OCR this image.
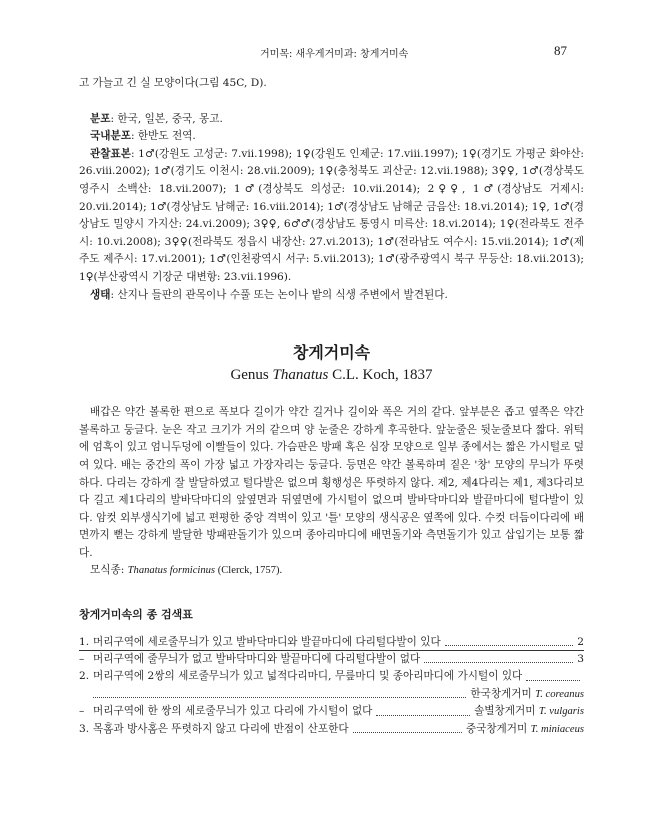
거미목: 새우게거미과: 창게거미속	87

고 가늘고 긴 실 모양이다(그림 45C, D).

분포: 한국, 일본, 중국, 몽고.

국내분포: 한반도 전역.

관찰표본: 1♂(강원도 고성군: 7.vii.1998); 1♀(강원도 인제군: 17.viii.1997); 1♀(경기도 가평군 화야산: 26.viii.2002); 1♂(경기도 이천시: 28.vii.2009); 1♀(충청북도 괴산군: 12.vii.1988); 3♀♀, 1♂(경상북도 영주시 소백산: 18.vii.2007); 1♂(경상북도 의성군: 10.vii.2014); 2♀♀, 1♂(경상남도 거제시: 20.vii.2014); 1♂(경상남도 남해군: 16.viii.2014); 1♂(경상남도 남해군 금음산: 18.vi.2014); 1♀, 1♂(경상남도 밀양시 가지산: 24.vi.2009); 3♀♀, 6♂♂(경상남도 통영시 미륵산: 18.vi.2014); 1♀(전라북도 전주시: 10.vi.2008); 3♀♀(전라북도 정읍시 내장산: 27.vi.2013); 1♂(전라남도 여수시: 15.vii.2014); 1♂(제주도 제주시: 17.vi.2001); 1♂(인천광역시 서구: 5.vii.2013); 1♂(광주광역시 북구 무등산: 18.vii.2013); 1♀(부산광역시 기장군 대변항: 23.vii.1996).

생태: 산지나 들판의 관목이나 수풀 또는 논이나 밭의 식생 주변에서 발견된다.

창게거미속
Genus Thanatus C.L. Koch, 1837

배갑은 약간 볼록한 편으로 폭보다 길이가 약간 길거나 길이와 폭은 거의 같다. 앞부분은 좁고 옆쪽은 약간 볼록하고 둥글다. 눈은 작고 크기가 거의 같으며 양 눈줄은 강하게 후곡한다. 앞눈줄은 뒷눈줄보다 짧다. 위턱에 엄혹이 있고 엄니두덩에 이빨들이 있다. 가슴판은 방패 혹은 심장 모양으로 일부 종에서는 짧은 가시털로 덮여 있다. 배는 중간의 폭이 가장 넓고 가장자리는 둥글다. 등면은 약간 볼록하며 짙은 '창' 모양의 무늬가 뚜렷하다. 다리는 강하게 잘 발달하였고 털다발은 없으며 횡행성은 뚜렷하지 않다. 제2, 제4다리는 제1, 제3다리보다 길고 제1다리의 발바닥마디의 앞옆면과 뒤옆면에 가시털이 없으며 발바닥마디와 발끝마디에 털다발이 있다. 암컷 외부생식기에 넓고 편평한 중앙 격벽이 있고 '틀' 모양의 생식공은 옆쪽에 있다. 수컷 더듬이다리에 배면까지 뻗는 강하게 발달한 방패판돌기가 있으며 종아리마디에 배면돌기와 측면돌기가 있고 삽입기는 보통 짧다.

모식종: Thanatus formicinus (Clerck, 1757).

창게거미속의 종 검색표
1. 머리구역에 세로줄무늬가 있고 발바닥마디와 발끝마디에 다리털다발이 있다	2
– 머리구역에 줄무늬가 없고 발바닥마디와 발끝마디에 다리털다발이 없다	3
2. 머리구역에 2쌍의 세로줄무늬가 있고 넓적다리마디, 무릎마디 및 종아리마디에 가시털이 있다
한국창게거미 T. coreanus
– 머리구역에 한 쌍의 세로줄무늬가 있고 다리에 가시털이 없다	솔별창게거미 T. vulgaris
3. 목홈과 방사홈은 뚜렷하지 않고 다리에 반점이 산포한다	중국창게거미 T. miniaceus
